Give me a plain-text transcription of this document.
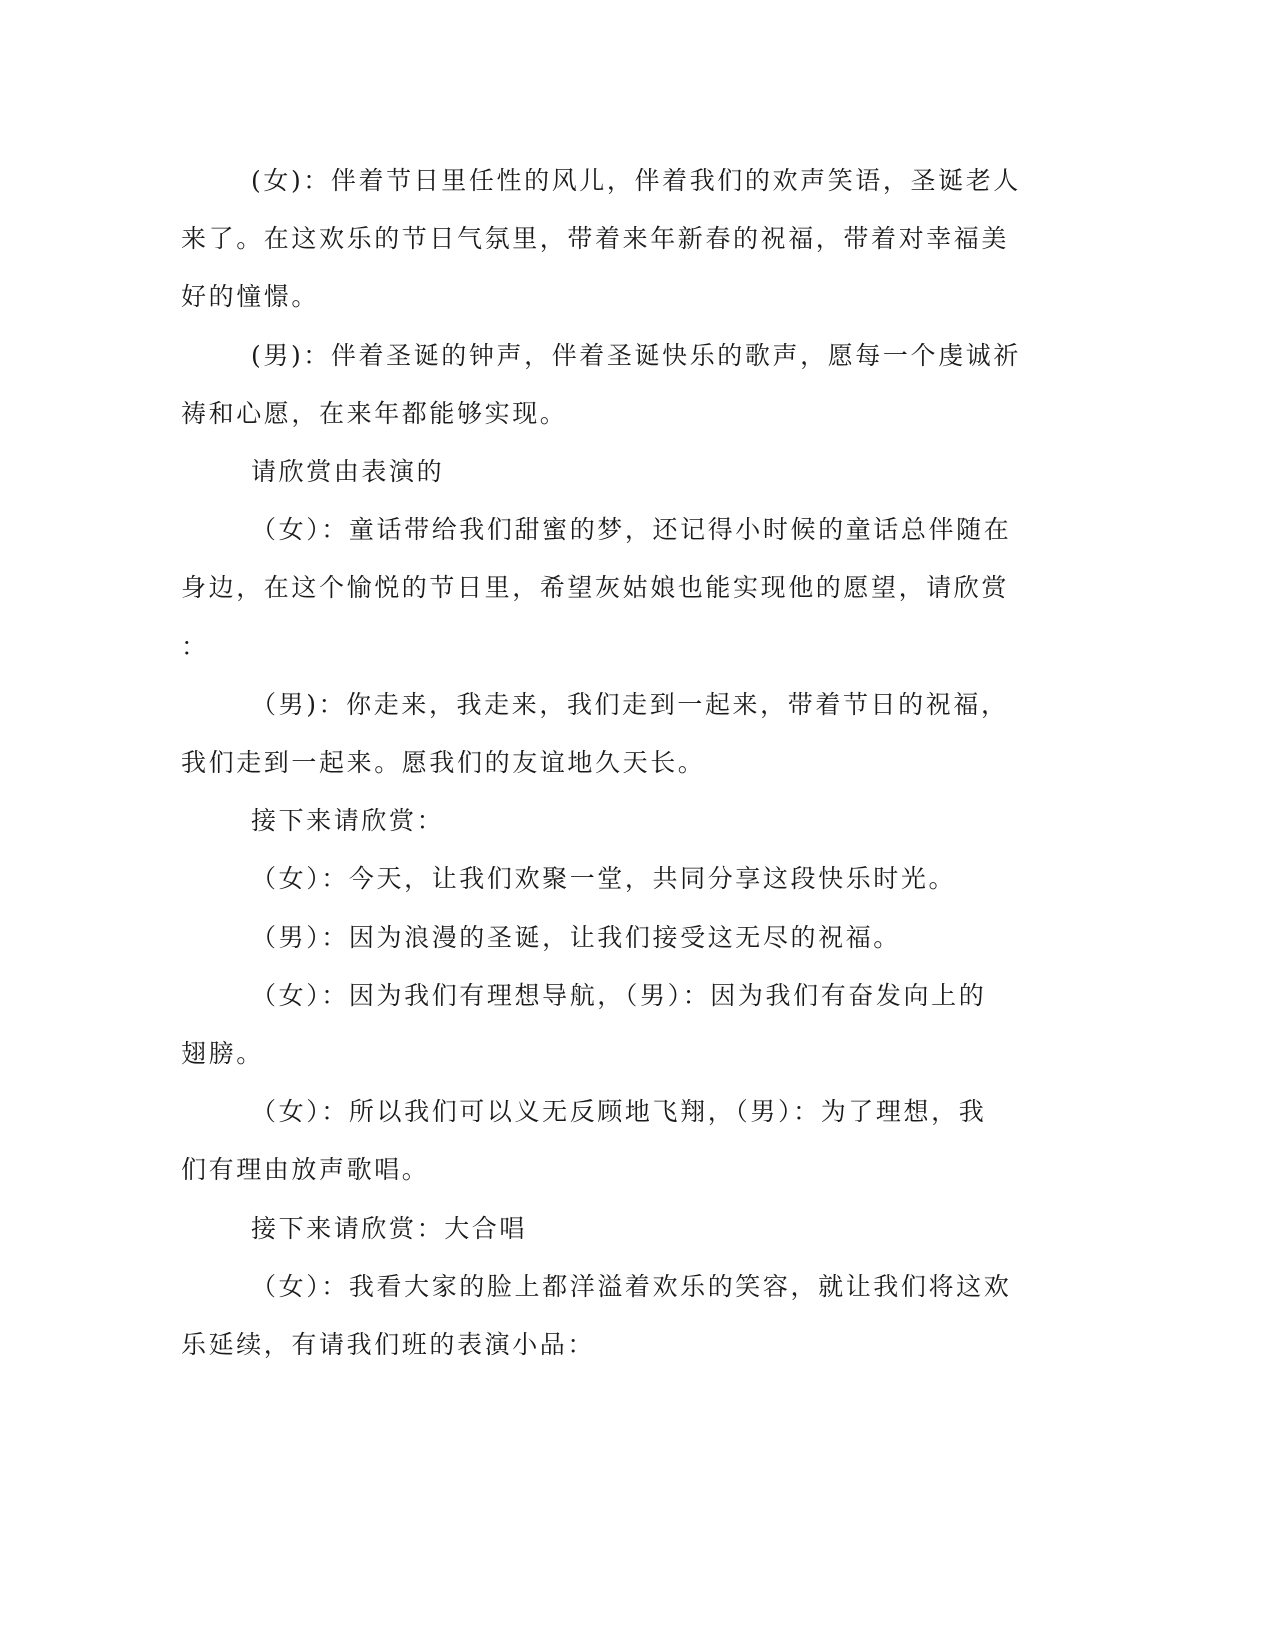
(女)：伴着节日里任性的风儿，伴着我们的欢声笑语，圣诞老人
来了。在这欢乐的节日气氛里，带着来年新春的祝福，带着对幸福美
好的憧憬。
(男)：伴着圣诞的钟声，伴着圣诞快乐的歌声，愿每一个虔诚祈
祷和心愿，在来年都能够实现。
请欣赏由表演的
（女）：童话带给我们甜蜜的梦，还记得小时候的童话总伴随在
身边，在这个愉悦的节日里，希望灰姑娘也能实现他的愿望，请欣赏
：
（男)：你走来，我走来，我们走到一起来，带着节日的祝福，
我们走到一起来。愿我们的友谊地久天长。
接下来请欣赏：
（女）：今天，让我们欢聚一堂，共同分享这段快乐时光。
（男）：因为浪漫的圣诞，让我们接受这无尽的祝福。
（女）：因为我们有理想导航，（男）：因为我们有奋发向上的
翅膀。
（女）：所以我们可以义无反顾地飞翔，（男）：为了理想，我
们有理由放声歌唱。
接下来请欣赏：大合唱
（女）：我看大家的脸上都洋溢着欢乐的笑容，就让我们将这欢
乐延续，有请我们班的表演小品：
